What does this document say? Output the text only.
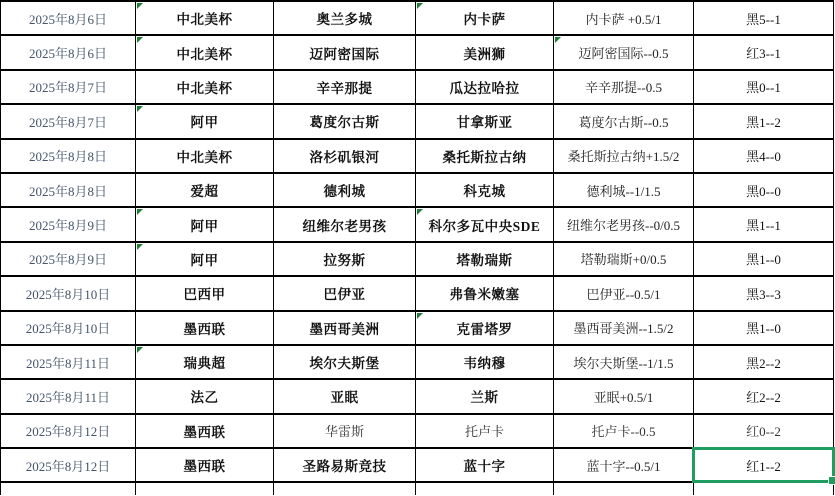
2025年8月6日	中北美杯	奥兰多城	内卡萨	内卡萨 +0.5/1	黑5--1
2025年8月6日	中北美杯	迈阿密国际	美洲狮	迈阿密国际--0.5	红3--1
2025年8月7日	中北美杯	辛辛那提	瓜达拉哈拉	辛辛那提--0.5	黑0--1
2025年8月7日	阿甲	葛度尔古斯	甘拿斯亚	葛度尔古斯--0.5	黑1--2
2025年8月8日	中北美杯	洛杉矶银河	桑托斯拉古纳	桑托斯拉古纳+1.5/2	黑4--0
2025年8月8日	爱超	德利城	科克城	德利城--1/1.5	黑0--0
2025年8月9日	阿甲	纽维尔老男孩	科尔多瓦中央SDE	纽维尔老男孩--0/0.5	黑1--1
2025年8月9日	阿甲	拉努斯	塔勒瑞斯	塔勒瑞斯+0/0.5	黑1--0
2025年8月10日	巴西甲	巴伊亚	弗鲁米嫩塞	巴伊亚--0.5/1	黑3--3
2025年8月10日	墨西联	墨西哥美洲	克雷塔罗	墨西哥美洲--1.5/2	黑1--0
2025年8月11日	瑞典超	埃尔夫斯堡	韦纳穆	埃尔夫斯堡--1/1.5	黑2--2
2025年8月11日	法乙	亚眠	兰斯	亚眠+0.5/1	红2--2
2025年8月12日	墨西联	华雷斯	托卢卡	托卢卡--0.5	红0--2
2025年8月12日	墨西联	圣路易斯竞技	蓝十字	蓝十字--0.5/1	红1--2
